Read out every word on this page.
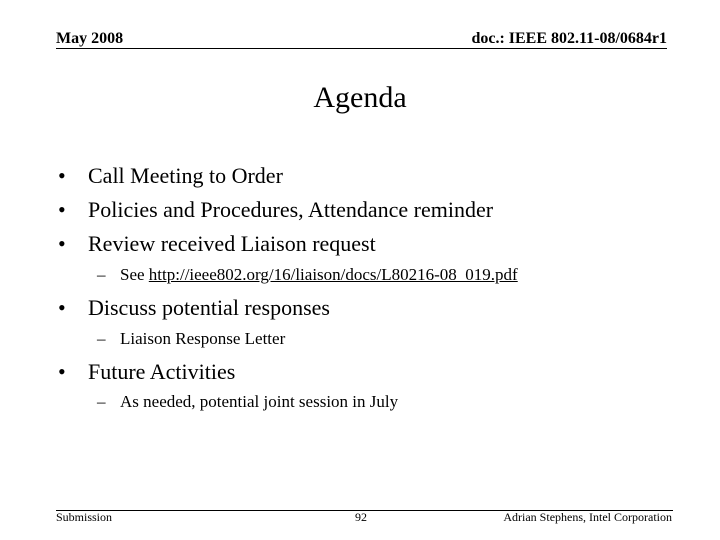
May 2008	doc.: IEEE 802.11-08/0684r1
Agenda
• Call Meeting to Order
• Policies and Procedures, Attendance reminder
• Review received Liaison request
– See http://ieee802.org/16/liaison/docs/L80216-08_019.pdf
• Discuss potential responses
– Liaison Response Letter
• Future Activities
– As needed, potential joint session in July
Submission	92	Adrian Stephens, Intel Corporation
